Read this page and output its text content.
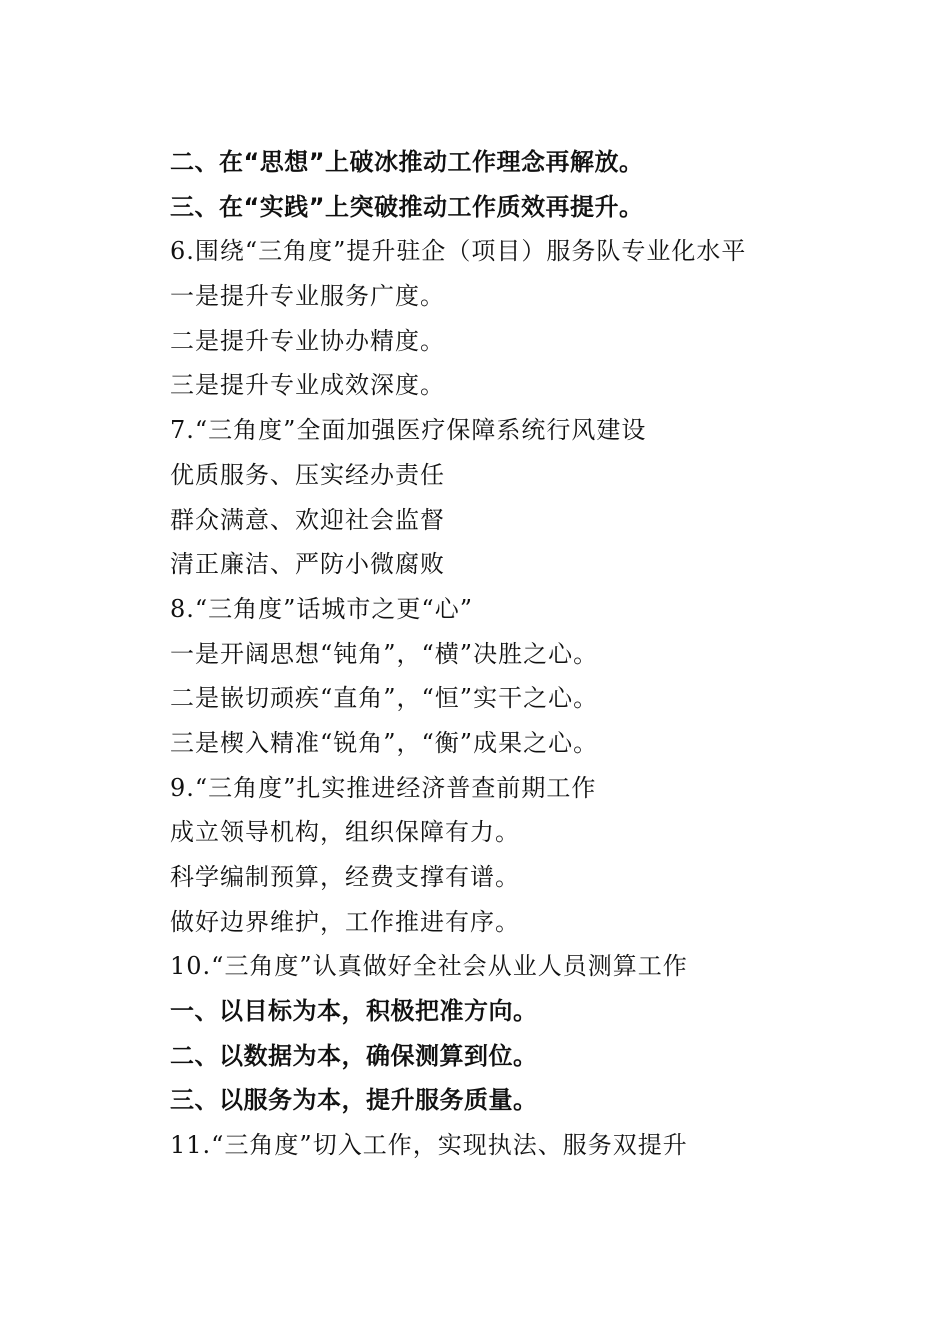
二、在“思想”上破冰推动工作理念再解放。
三、在“实践”上突破推动工作质效再提升。
6.围绕“三角度”提升驻企（项目）服务队专业化水平
一是提升专业服务广度。
二是提升专业协办精度。
三是提升专业成效深度。
7.“三角度”全面加强医疗保障系统行风建设
优质服务、压实经办责任
群众满意、欢迎社会监督
清正廉洁、严防小微腐败
8.“三角度”话城市之更“心”
一是开阔思想“钝角”，“横”决胜之心。
二是嵌切顽疾“直角”，“恒”实干之心。
三是楔入精准“锐角”，“衡”成果之心。
9.“三角度”扎实推进经济普查前期工作
成立领导机构，组织保障有力。
科学编制预算，经费支撑有谱。
做好边界维护，工作推进有序。
10.“三角度”认真做好全社会从业人员测算工作
一、以目标为本，积极把准方向。
二、以数据为本，确保测算到位。
三、以服务为本，提升服务质量。
11.“三角度”切入工作，实现执法、服务双提升
